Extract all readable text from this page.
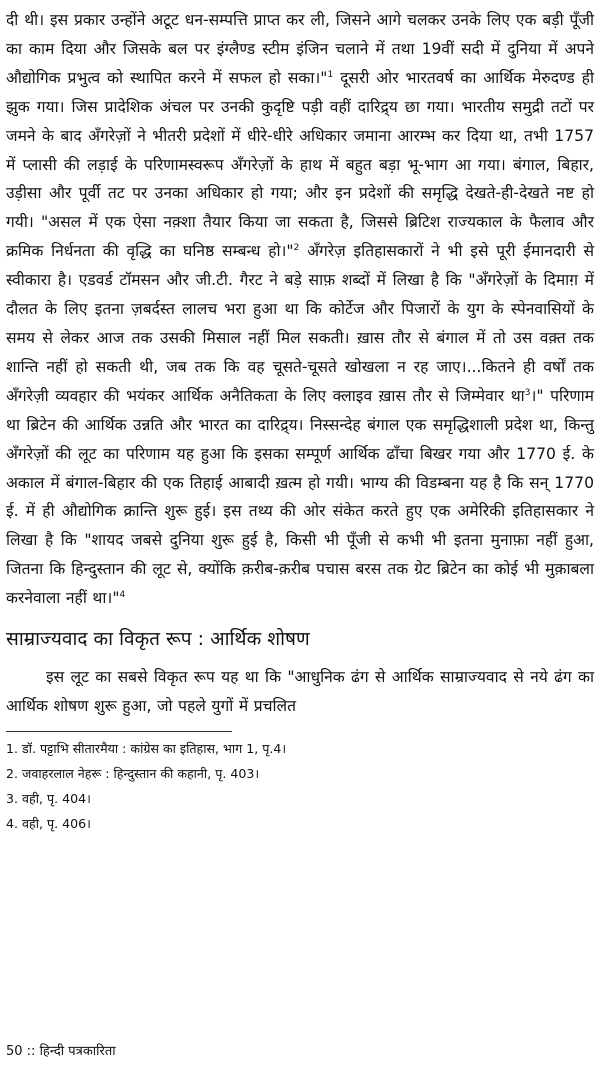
दी थी। इस प्रकार उन्होंने अटूट धन-सम्पत्ति प्राप्त कर ली, जिसने आगे चलकर उनके लिए एक बड़ी पूँजी का काम दिया और जिसके बल पर इंग्लैण्ड स्टीम इंजिन चलाने में तथा 19वीं सदी में दुनिया में अपने औद्योगिक प्रभुत्व को स्थापित करने में सफल हो सका।"$^1$ दूसरी ओर भारतवर्ष का आर्थिक मेरुदण्ड ही झुक गया। जिस प्रादेशिक अंचल पर उनकी कुदृष्टि पड़ी वहीं दारिद्र्य छा गया। भारतीय समुद्री तटों पर जमने के बाद अँगरेज़ों ने भीतरी प्रदेशों में धीरे-धीरे अधिकार जमाना आरम्भ कर दिया था, तभी 1757 में प्लासी की लड़ाई के परिणामस्वरूप अँगरेज़ों के हाथ में बहुत बड़ा भू-भाग आ गया। बंगाल, बिहार, उड़ीसा और पूर्वी तट पर उनका अधिकार हो गया; और इन प्रदेशों की समृद्धि देखते-ही-देखते नष्ट हो गयी। "असल में एक ऐसा नक़्शा तैयार किया जा सकता है, जिससे ब्रिटिश राज्यकाल के फैलाव और क्रमिक निर्धनता की वृद्धि का घनिष्ठ सम्बन्ध हो।"$^2$ अँगरेज़ इतिहासकारों ने भी इसे पूरी ईमानदारी से स्वीकारा है। एडवर्ड टॉमसन और जी.टी. गैरट ने बड़े साफ़ शब्दों में लिखा है कि "अँगरेज़ों के दिमाग़ में दौलत के लिए इतना ज़बर्दस्त लालच भरा हुआ था कि कोर्टेज और पिजारों के युग के स्पेनवासियों के समय से लेकर आज तक उसकी मिसाल नहीं मिल सकती। ख़ास तौर से बंगाल में तो उस वक़्त तक शान्ति नहीं हो सकती थी, जब तक कि वह चूसते-चूसते खोखला न रह जाए।...कितने ही वर्षों तक अँगरेज़ी व्यवहार की भयंकर आर्थिक अनैतिकता के लिए क्लाइव ख़ास तौर से जिम्मेवार था$^3$।" परिणाम था ब्रिटेन की आर्थिक उन्नति और भारत का दारिद्र्य। निस्सन्देह बंगाल एक समृद्धिशाली प्रदेश था, किन्तु अँगरेज़ों की लूट का परिणाम यह हुआ कि इसका सम्पूर्ण आर्थिक ढाँचा बिखर गया और 1770 ई. के अकाल में बंगाल-बिहार की एक तिहाई आबादी ख़त्म हो गयी। भाग्य की विडम्बना यह है कि सन् 1770 ई. में ही औद्योगिक क्रान्ति शुरू हुई। इस तथ्य की ओर संकेत करते हुए एक अमेरिकी इतिहासकार ने लिखा है कि "शायद जबसे दुनिया शुरू हुई है, किसी भी पूँजी से कभी भी इतना मुनाफ़ा नहीं हुआ, जितना कि हिन्दुस्तान की लूट से, क्योंकि क़रीब-क़रीब पचास बरस तक ग्रेट ब्रिटेन का कोई भी मुक़ाबला करनेवाला नहीं था।"$^4$

साम्राज्यवाद का विकृत रूप : आर्थिक शोषण

इस लूट का सबसे विकृत रूप यह था कि "आधुनिक ढंग से आर्थिक साम्राज्यवाद से नये ढंग का आर्थिक शोषण शुरू हुआ, जो पहले युगों में प्रचलित

1. डॉ. पट्टाभि सीतारमैया : कांग्रेस का इतिहास, भाग 1, पृ.4।
2. जवाहरलाल नेहरू : हिन्दुस्तान की कहानी, पृ. 403।
3. वही, पृ. 404।
4. वही, पृ. 406।
50 :: हिन्दी पत्रकारिता
